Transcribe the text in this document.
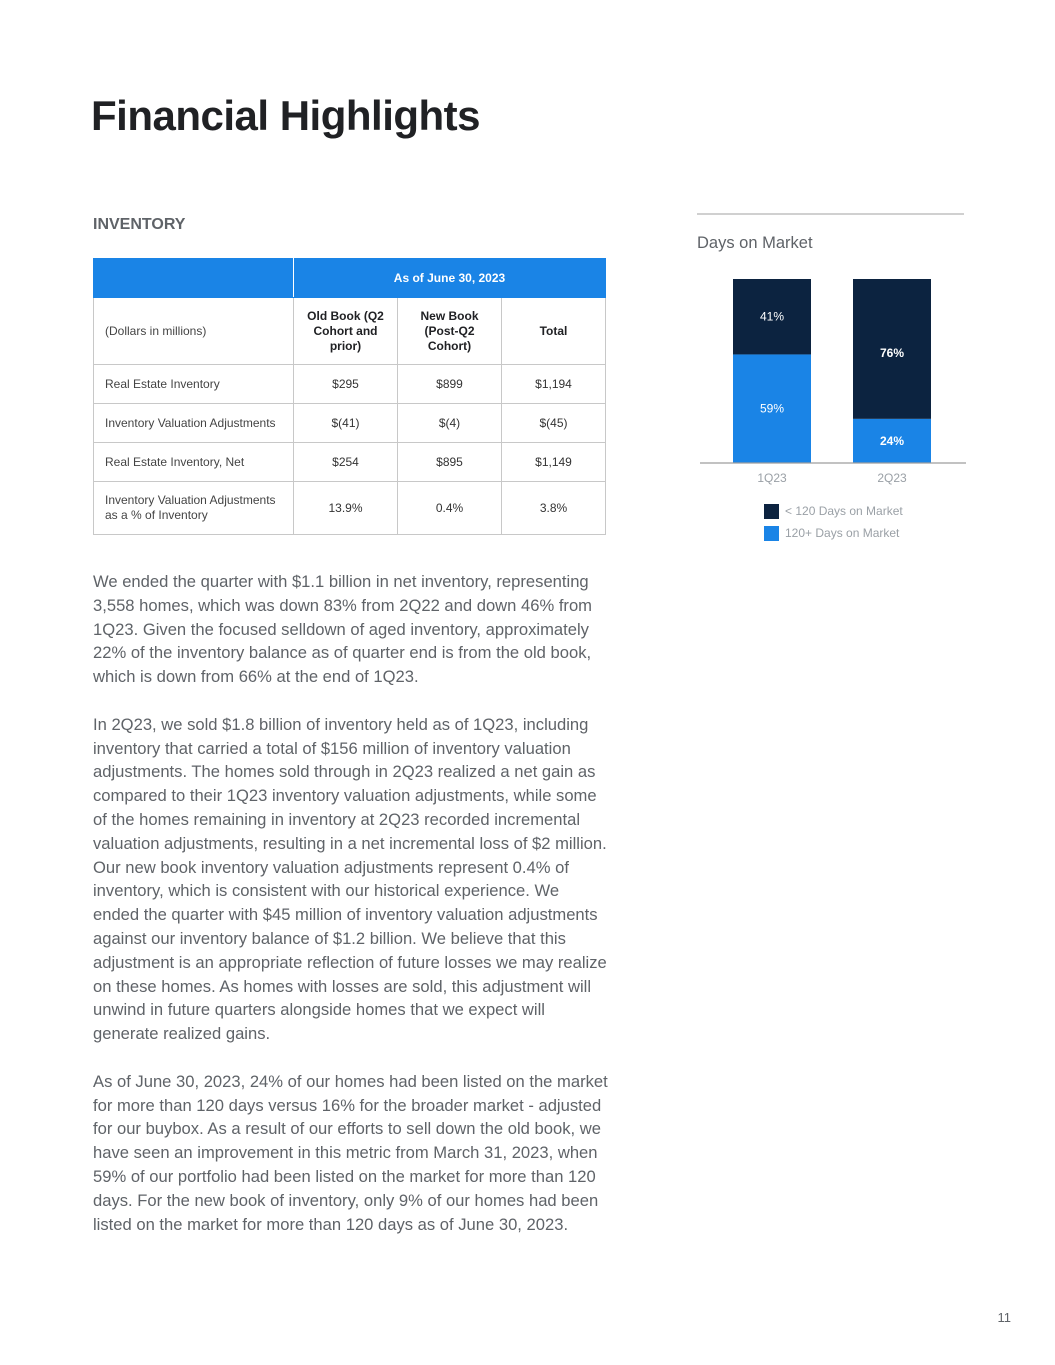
Financial Highlights
INVENTORY
	As of June 30, 2023		
(Dollars in millions)	Old Book (Q2 Cohort and prior)	New Book (Post-Q2 Cohort)	Total
Real Estate Inventory	$295	$899	$1,194
Inventory Valuation Adjustments	$(41)	$(4)	$(45)
Real Estate Inventory, Net	$254	$895	$1,149
Inventory Valuation Adjustments as a % of Inventory	13.9%	0.4%	3.8%

We ended the quarter with $1.1 billion in net inventory, representing 3,558 homes, which was down 83% from 2Q22 and down 46% from 1Q23. Given the focused selldown of aged inventory, approximately 22% of the inventory balance as of quarter end is from the old book, which is down from 66% at the end of 1Q23.

In 2Q23, we sold $1.8 billion of inventory held as of 1Q23, including inventory that carried a total of $156 million of inventory valuation adjustments. The homes sold through in 2Q23 realized a net gain as compared to their 1Q23 inventory valuation adjustments, while some of the homes remaining in inventory at 2Q23 recorded incremental valuation adjustments, resulting in a net incremental loss of $2 million. Our new book inventory valuation adjustments represent 0.4% of inventory, which is consistent with our historical experience. We ended the quarter with $45 million of inventory valuation adjustments against our inventory balance of $1.2 billion. We believe that this adjustment is an appropriate reflection of future losses we may realize on these homes. As homes with losses are sold, this adjustment will unwind in future quarters alongside homes that we expect will generate realized gains.

As of June 30, 2023, 24% of our homes had been listed on the market for more than 120 days versus 16% for the broader market - adjusted for our buybox. As a result of our efforts to sell down the old book, we have seen an improvement in this metric from March 31, 2023, when 59% of our portfolio had been listed on the market for more than 120 days. For the new book of inventory, only 9% of our homes had been listed on the market for more than 120 days as of June 30, 2023.

Days on Market
59%
41%
1Q23
24%
76%
2Q23
< 120 Days on Market
120+ Days on Market
11
